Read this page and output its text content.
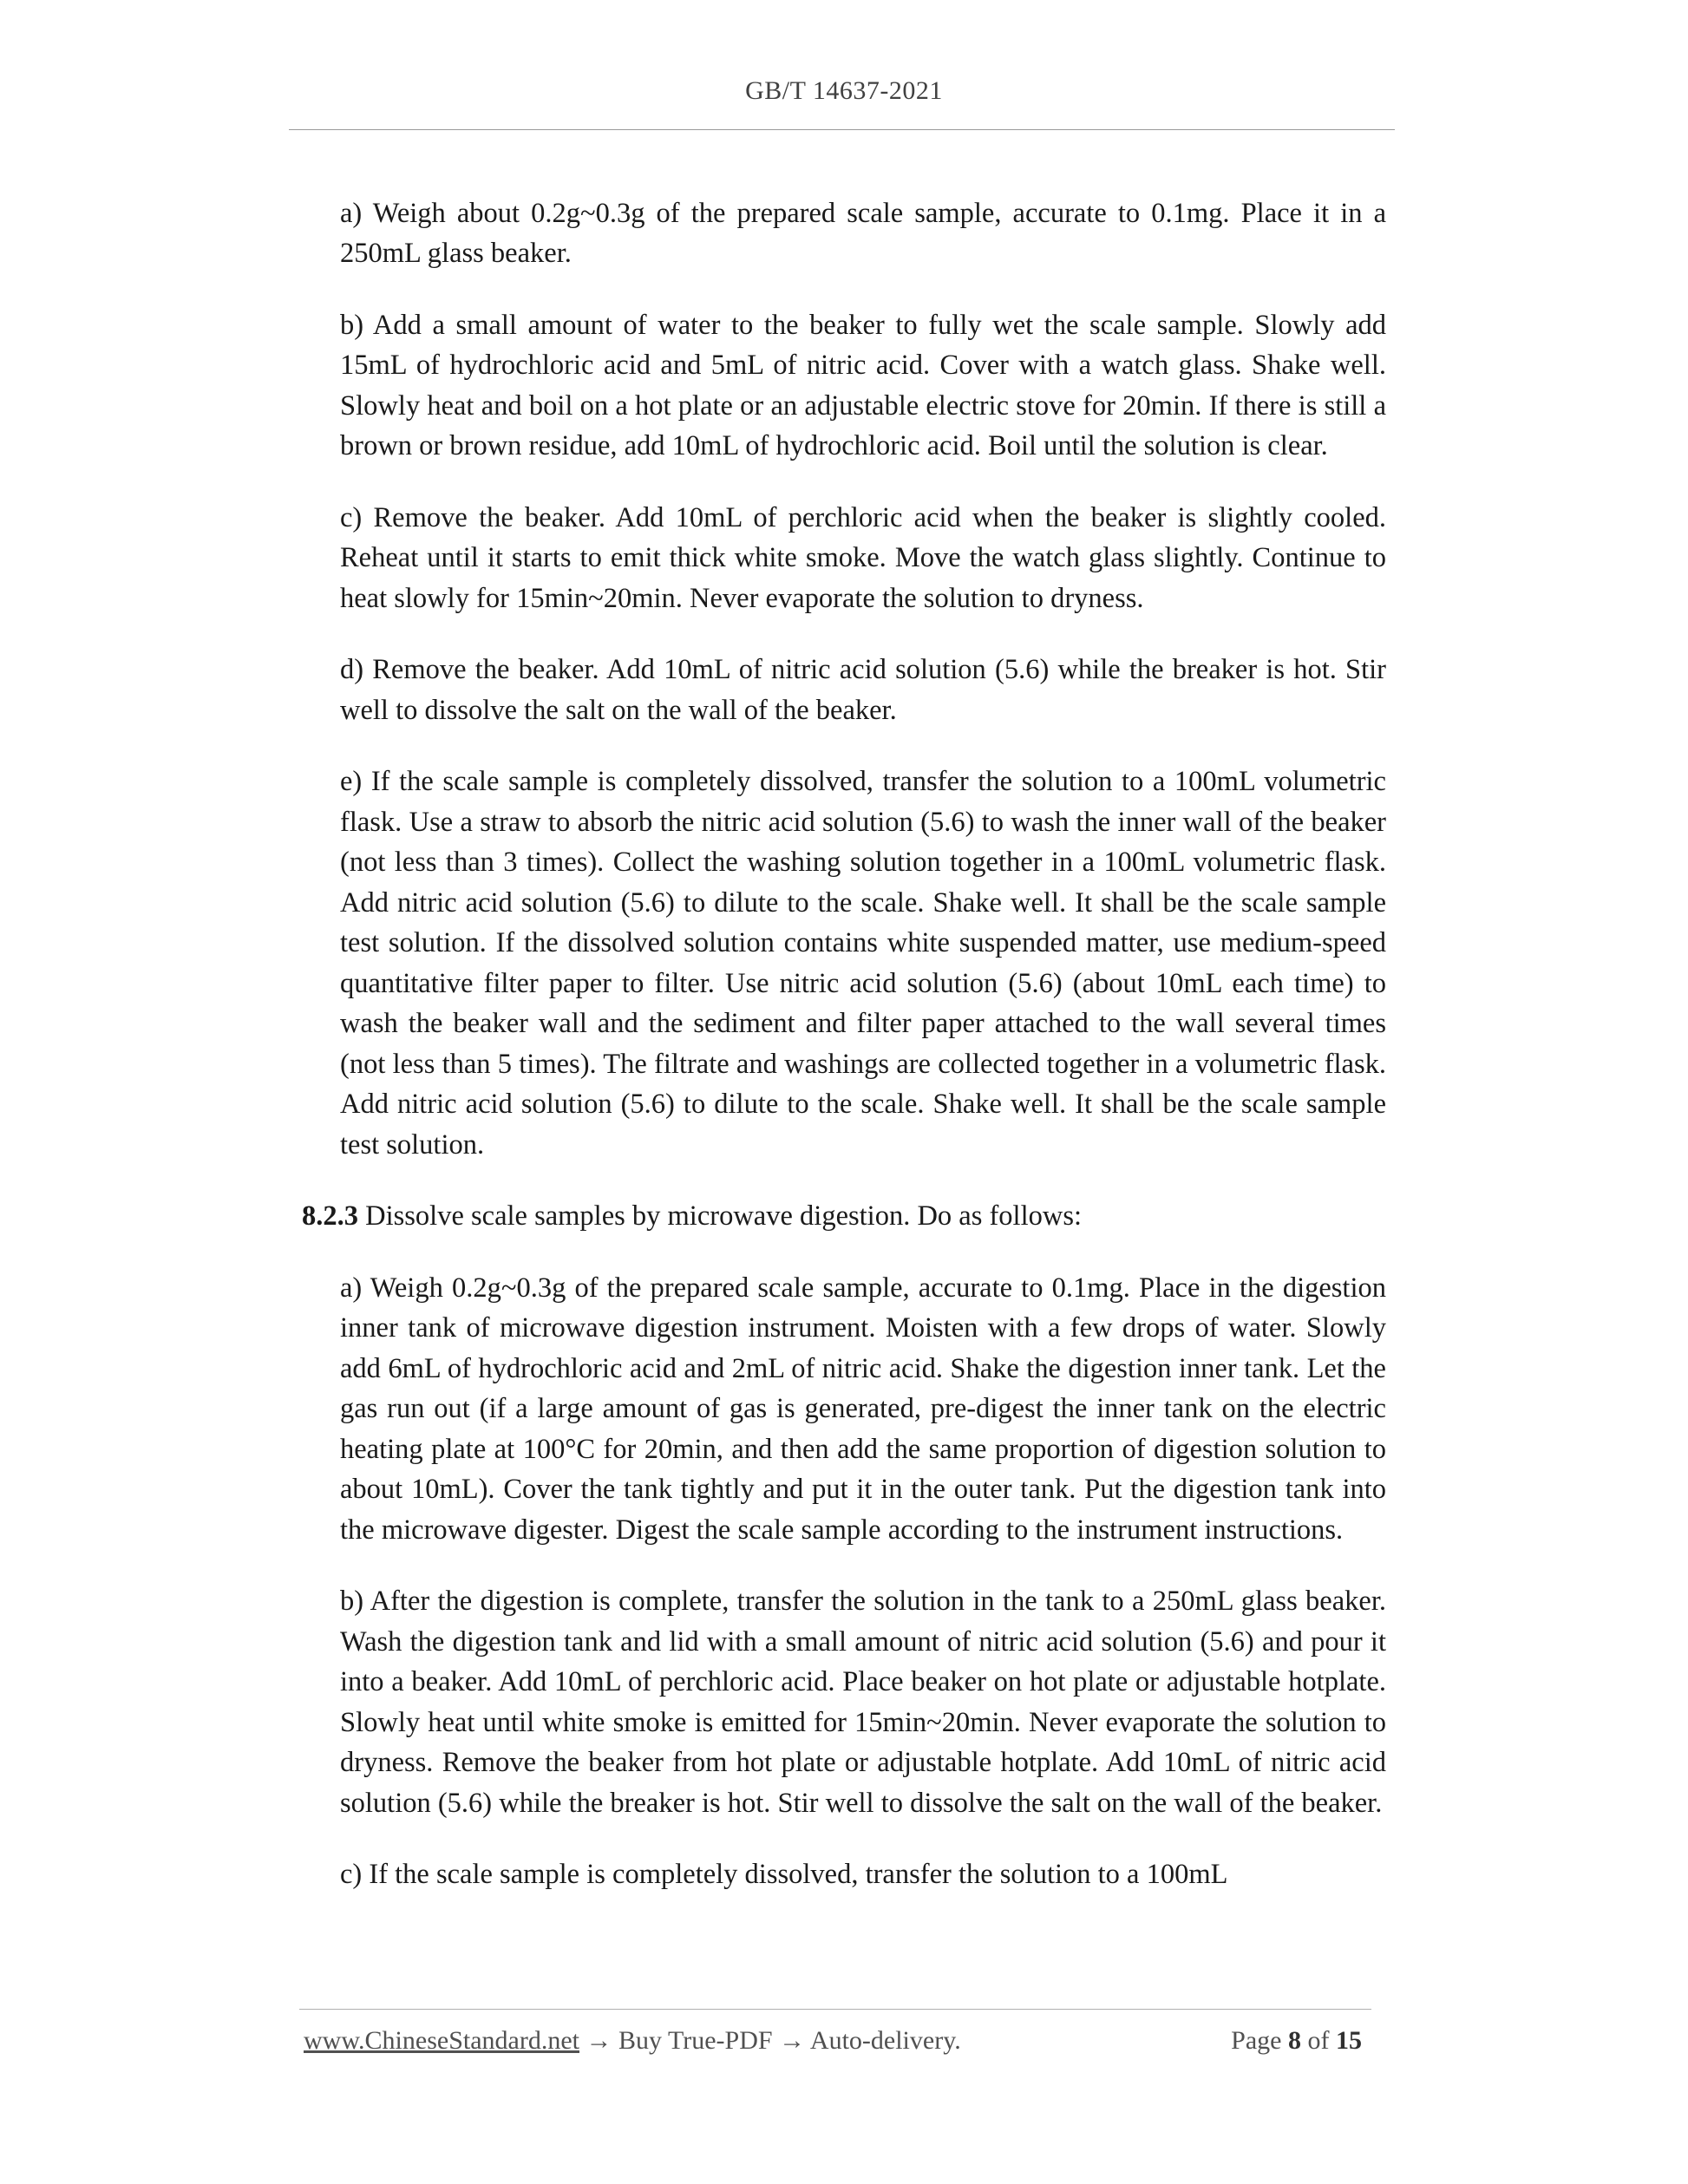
GB/T 14637-2021

a) Weigh about 0.2g~0.3g of the prepared scale sample, accurate to 0.1mg. Place it in a 250mL glass beaker.

b) Add a small amount of water to the beaker to fully wet the scale sample. Slowly add 15mL of hydrochloric acid and 5mL of nitric acid. Cover with a watch glass. Shake well. Slowly heat and boil on a hot plate or an adjustable electric stove for 20min. If there is still a brown or brown residue, add 10mL of hydrochloric acid. Boil until the solution is clear.

c) Remove the beaker. Add 10mL of perchloric acid when the beaker is slightly cooled. Reheat until it starts to emit thick white smoke. Move the watch glass slightly. Continue to heat slowly for 15min~20min. Never evaporate the solution to dryness.

d) Remove the beaker. Add 10mL of nitric acid solution (5.6) while the breaker is hot. Stir well to dissolve the salt on the wall of the beaker.

e) If the scale sample is completely dissolved, transfer the solution to a 100mL volumetric flask. Use a straw to absorb the nitric acid solution (5.6) to wash the inner wall of the beaker (not less than 3 times). Collect the washing solution together in a 100mL volumetric flask. Add nitric acid solution (5.6) to dilute to the scale. Shake well. It shall be the scale sample test solution. If the dissolved solution contains white suspended matter, use medium-speed quantitative filter paper to filter. Use nitric acid solution (5.6) (about 10mL each time) to wash the beaker wall and the sediment and filter paper attached to the wall several times (not less than 5 times). The filtrate and washings are collected together in a volumetric flask. Add nitric acid solution (5.6) to dilute to the scale. Shake well. It shall be the scale sample test solution.

8.2.3 Dissolve scale samples by microwave digestion. Do as follows:

a) Weigh 0.2g~0.3g of the prepared scale sample, accurate to 0.1mg. Place in the digestion inner tank of microwave digestion instrument. Moisten with a few drops of water. Slowly add 6mL of hydrochloric acid and 2mL of nitric acid. Shake the digestion inner tank. Let the gas run out (if a large amount of gas is generated, pre-digest the inner tank on the electric heating plate at 100°C for 20min, and then add the same proportion of digestion solution to about 10mL). Cover the tank tightly and put it in the outer tank. Put the digestion tank into the microwave digester. Digest the scale sample according to the instrument instructions.

b) After the digestion is complete, transfer the solution in the tank to a 250mL glass beaker. Wash the digestion tank and lid with a small amount of nitric acid solution (5.6) and pour it into a beaker. Add 10mL of perchloric acid. Place beaker on hot plate or adjustable hotplate. Slowly heat until white smoke is emitted for 15min~20min. Never evaporate the solution to dryness. Remove the beaker from hot plate or adjustable hotplate. Add 10mL of nitric acid solution (5.6) while the breaker is hot. Stir well to dissolve the salt on the wall of the beaker.

c) If the scale sample is completely dissolved, transfer the solution to a 100mL

www.ChineseStandard.net → Buy True-PDF → Auto-delivery.	Page 8 of 15
